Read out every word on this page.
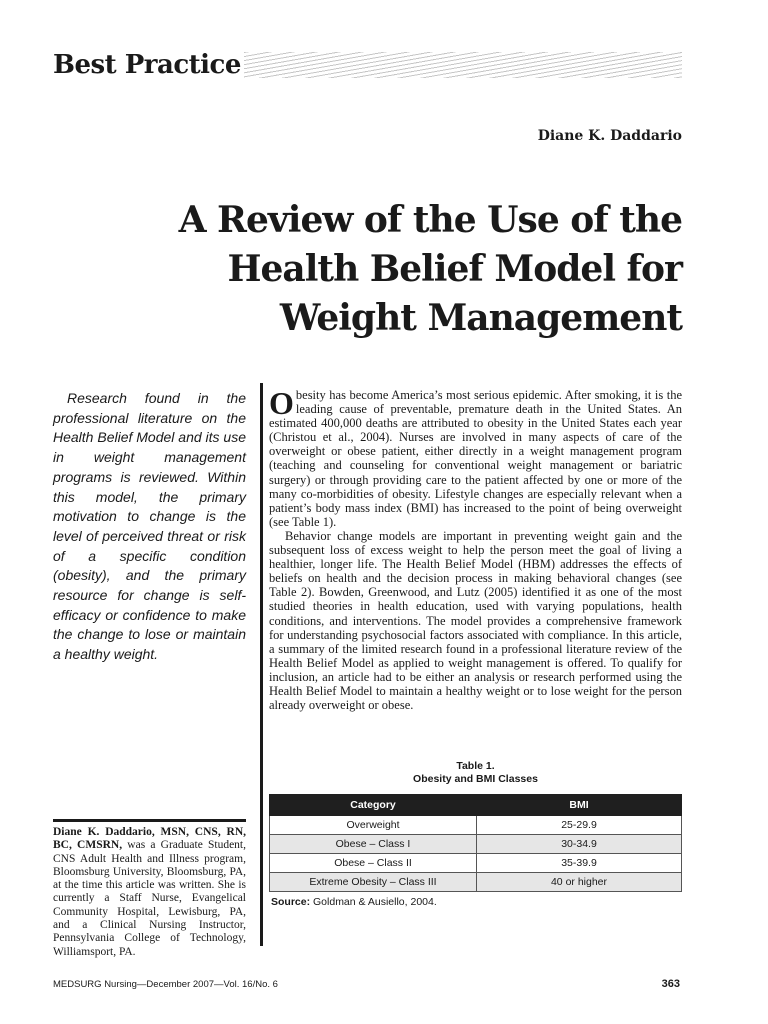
Best Practice

Diane K. Daddario

A Review of the Use of the Health Belief Model for Weight Management

Research found in the professional literature on the Health Belief Model and its use in weight management programs is reviewed. Within this model, the primary motivation to change is the level of perceived threat or risk of a specific condition (obesity), and the primary resource for change is self-efficacy or confidence to make the change to lose or maintain a healthy weight.

Diane K. Daddario, MSN, CNS, RN, BC, CMSRN, was a Graduate Student, CNS Adult Health and Illness program, Bloomsburg University, Bloomsburg, PA, at the time this article was written. She is currently a Staff Nurse, Evangelical Community Hospital, Lewisburg, PA, and a Clinical Nursing Instructor, Pennsylvania College of Technology, Williamsport, PA.

Obesity has become America’s most serious epidemic. After smoking, it is the leading cause of preventable, premature death in the United States. An estimated 400,000 deaths are attributed to obesity in the United States each year (Christou et al., 2004). Nurses are involved in many aspects of care of the overweight or obese patient, either directly in a weight management program (teaching and counseling for conventional weight management or bariatric surgery) or through providing care to the patient affected by one or more of the many co-morbidities of obesity. Lifestyle changes are especially relevant when a patient’s body mass index (BMI) has increased to the point of being overweight (see Table 1).

Behavior change models are important in preventing weight gain and the subsequent loss of excess weight to help the person meet the goal of living a healthier, longer life. The Health Belief Model (HBM) addresses the effects of beliefs on health and the decision process in making behavioral changes (see Table 2). Bowden, Greenwood, and Lutz (2005) identified it as one of the most studied theories in health education, used with varying populations, health conditions, and interventions. The model provides a comprehensive framework for understanding psychosocial factors associated with compliance. In this article, a summary of the limited research found in a professional literature review of the Health Belief Model as applied to weight management is offered. To qualify for inclusion, an article had to be either an analysis or research performed using the Health Belief Model to maintain a healthy weight or to lose weight for the person already overweight or obese.

Table 1.
Obesity and BMI Classes
Category	BMI
Overweight	25-29.9
Obese – Class I	30-34.9
Obese – Class II	35-39.9
Extreme Obesity – Class III	40 or higher

Source: Goldman & Ausiello, 2004.

MEDSURG Nursing—December 2007—Vol. 16/No. 6	363
